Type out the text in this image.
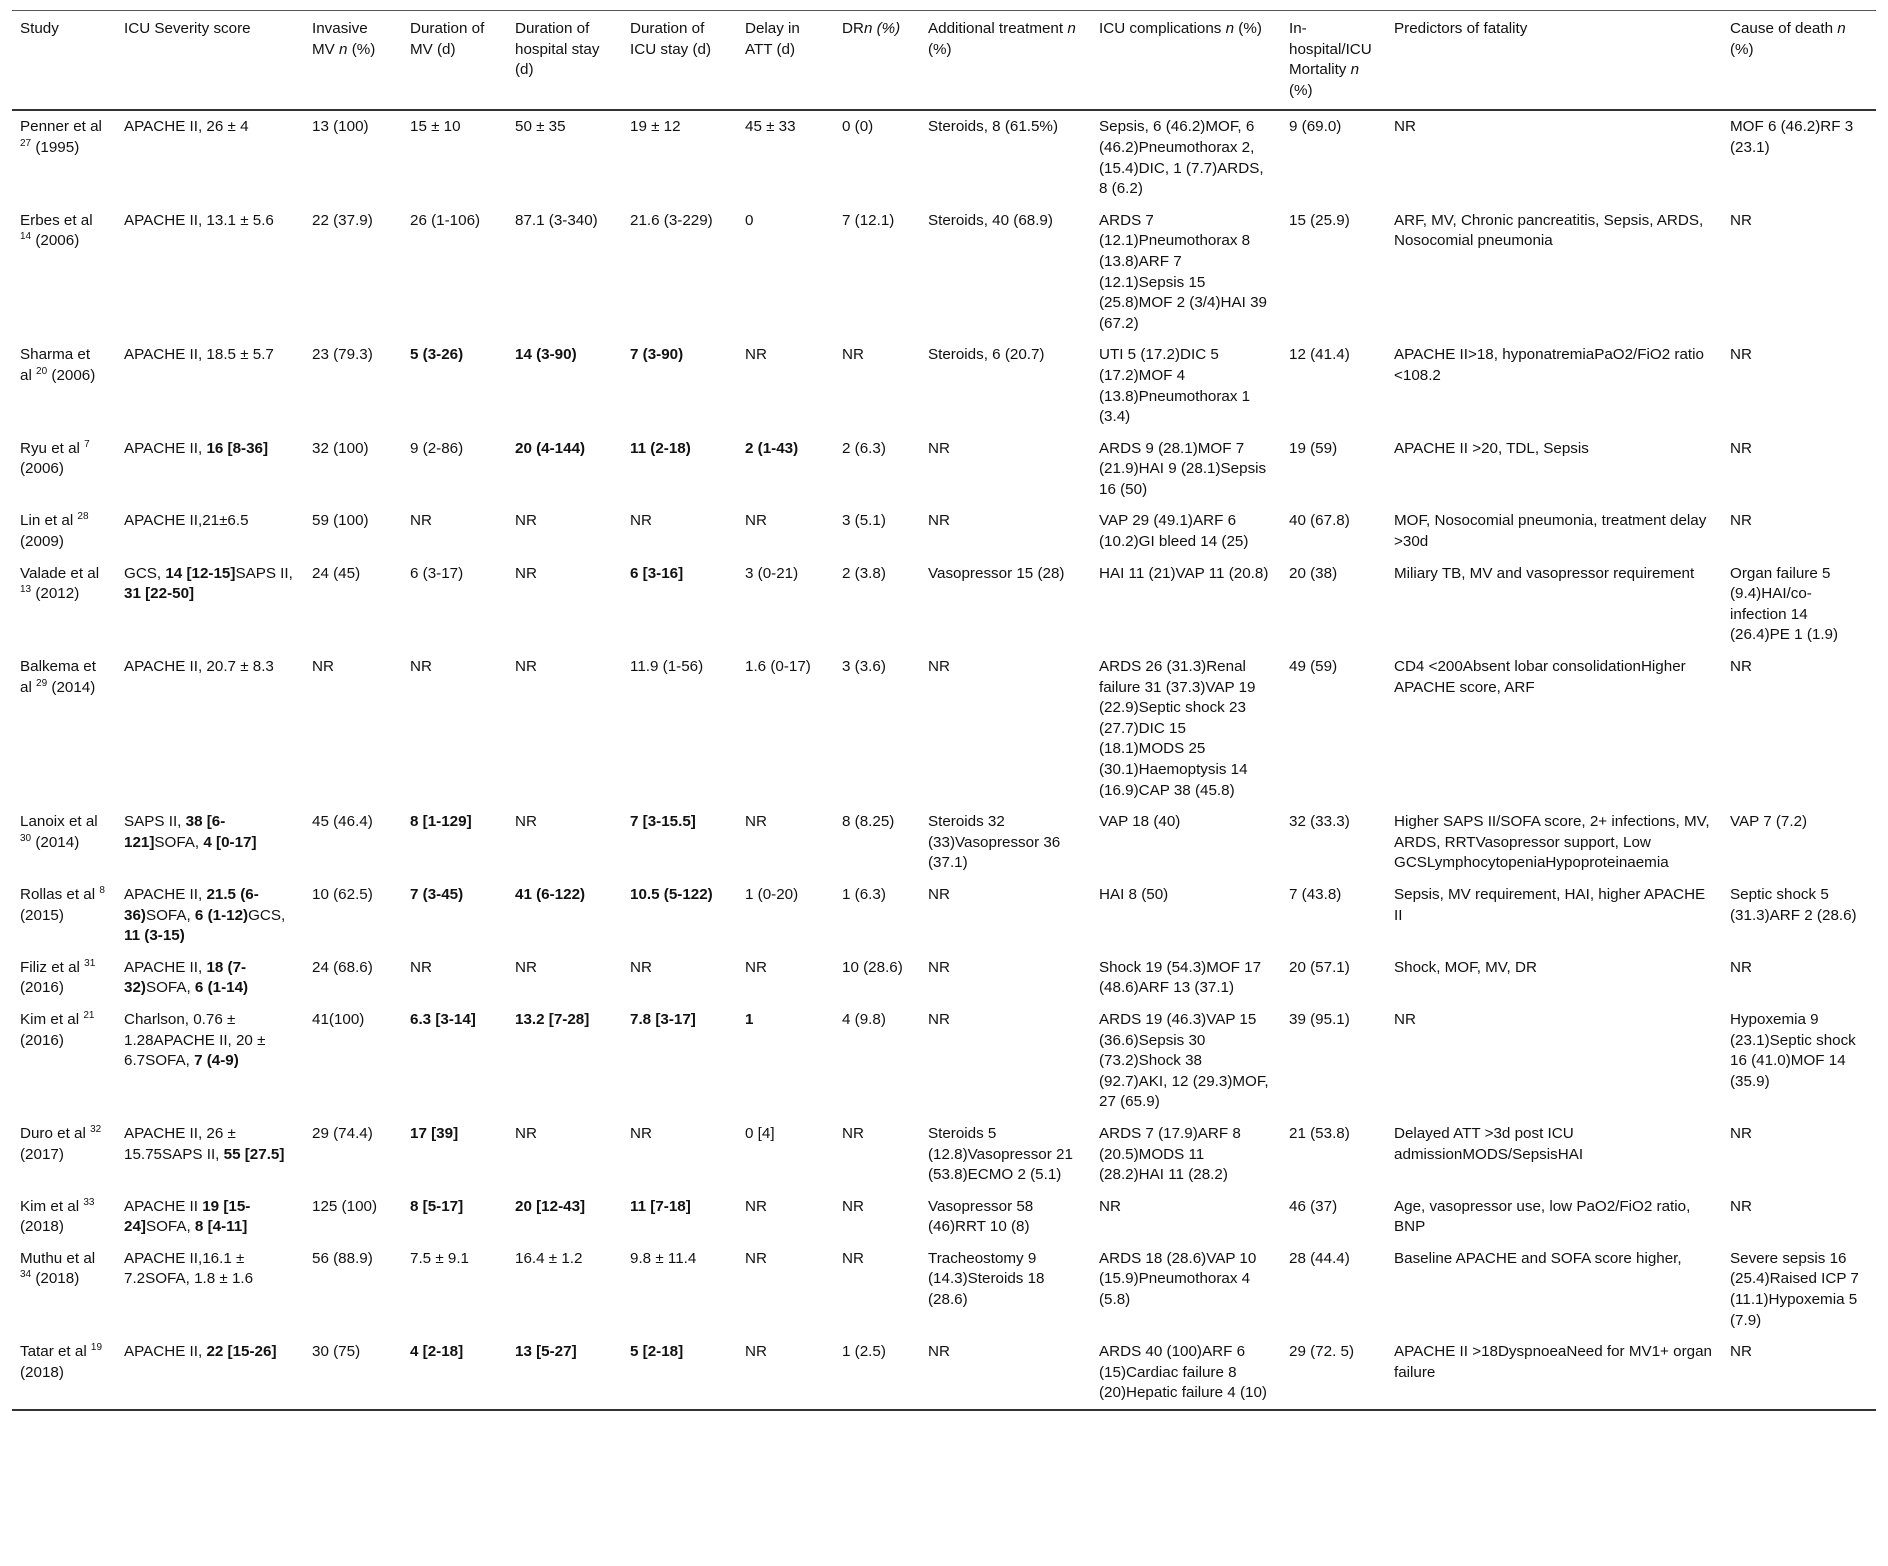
Study	ICU Severity score	Invasive MV n (%)	Duration of MV (d)	Duration of hospital stay (d)	Duration of ICU stay (d)	Delay in ATT (d)	DRn (%)	Additional treatment n (%)	ICU complications n (%)	In-hospital/ICU Mortality n (%)	Predictors of fatality	Cause of death n (%)
Penner et al $^{27}$ (1995)	APACHE II, 26 ± 4	13 (100)	15 ± 10	50 ± 35	19 ± 12	45 ± 33	0 (0)	Steroids, 8 (61.5%)	Sepsis, 6 (46.2)MOF, 6 (46.2)Pneumothorax 2, (15.4)DIC, 1 (7.7)ARDS, 8 (6.2)	9 (69.0)	NR	MOF 6 (46.2)RF 3 (23.1)
Erbes et al $^{14}$ (2006)	APACHE II, 13.1 ± 5.6	22 (37.9)	26 (1-106)	87.1 (3-340)	21.6 (3-229)	0	7 (12.1)	Steroids, 40 (68.9)	ARDS 7 (12.1)Pneumothorax 8 (13.8)ARF 7 (12.1)Sepsis 15 (25.8)MOF 2 (3/4)HAI 39 (67.2)	15 (25.9)	ARF, MV, Chronic pancreatitis, Sepsis, ARDS, Nosocomial pneumonia	NR
Sharma et al $^{20}$ (2006)	APACHE II, 18.5 ± 5.7	23 (79.3)	5 (3-26)	14 (3-90)	7 (3-90)	NR	NR	Steroids, 6 (20.7)	UTI 5 (17.2)DIC 5 (17.2)MOF 4 (13.8)Pneumothorax 1 (3.4)	12 (41.4)	APACHE II>18, hyponatremiaPaO2/FiO2 ratio <108.2	NR
Ryu et al $^7$ (2006)	APACHE II, 16 [8-36]	32 (100)	9 (2-86)	20 (4-144)	11 (2-18)	2 (1-43)	2 (6.3)	NR	ARDS 9 (28.1)MOF 7 (21.9)HAI 9 (28.1)Sepsis 16 (50)	19 (59)	APACHE II >20, TDL, Sepsis	NR
Lin et al $^{28}$ (2009)	APACHE II,21±6.5	59 (100)	NR	NR	NR	NR	3 (5.1)	NR	VAP 29 (49.1)ARF 6 (10.2)GI bleed 14 (25)	40 (67.8)	MOF, Nosocomial pneumonia, treatment delay >30d	NR
Valade et al $^{13}$ (2012)	GCS, 14 [12-15]SAPS II, 31 [22-50]	24 (45)	6 (3-17)	NR	6 [3-16]	3 (0-21)	2 (3.8)	Vasopressor 15 (28)	HAI 11 (21)VAP 11 (20.8)	20 (38)	Miliary TB, MV and vasopressor requirement	Organ failure 5 (9.4)HAI/co-infection 14 (26.4)PE 1 (1.9)
Balkema et al $^{29}$ (2014)	APACHE II, 20.7 ± 8.3	NR	NR	NR	11.9 (1-56)	1.6 (0-17)	3 (3.6)	NR	ARDS 26 (31.3)Renal failure 31 (37.3)VAP 19 (22.9)Septic shock 23 (27.7)DIC 15 (18.1)MODS 25 (30.1)Haemoptysis 14 (16.9)CAP 38 (45.8)	49 (59)	CD4 <200Absent lobar consolidationHigher APACHE score, ARF	NR
Lanoix et al $^{30}$ (2014)	SAPS II, 38 [6-121]SOFA, 4 [0-17]	45 (46.4)	8 [1-129]	NR	7 [3-15.5]	NR	8 (8.25)	Steroids 32 (33)Vasopressor 36 (37.1)	VAP 18 (40)	32 (33.3)	Higher SAPS II/SOFA score, 2+ infections, MV, ARDS, RRTVasopressor support, Low GCSLymphocytopeniaHypoproteinaemia	VAP 7 (7.2)
Rollas et al $^8$ (2015)	APACHE II, 21.5 (6-36)SOFA, 6 (1-12)GCS, 11 (3-15)	10 (62.5)	7 (3-45)	41 (6-122)	10.5 (5-122)	1 (0-20)	1 (6.3)	NR	HAI 8 (50)	7 (43.8)	Sepsis, MV requirement, HAI, higher APACHE II	Septic shock 5 (31.3)ARF 2 (28.6)
Filiz et al $^{31}$ (2016)	APACHE II, 18 (7-32)SOFA, 6 (1-14)	24 (68.6)	NR	NR	NR	NR	10 (28.6)	NR	Shock 19 (54.3)MOF 17 (48.6)ARF 13 (37.1)	20 (57.1)	Shock, MOF, MV, DR	NR
Kim et al $^{21}$ (2016)	Charlson, 0.76 ± 1.28APACHE II, 20 ± 6.7SOFA, 7 (4-9)	41(100)	6.3 [3-14]	13.2 [7-28]	7.8 [3-17]	1	4 (9.8)	NR	ARDS 19 (46.3)VAP 15 (36.6)Sepsis 30 (73.2)Shock 38 (92.7)AKI, 12 (29.3)MOF, 27 (65.9)	39 (95.1)	NR	Hypoxemia 9 (23.1)Septic shock 16 (41.0)MOF 14 (35.9)
Duro et al $^{32}$ (2017)	APACHE II, 26 ± 15.75SAPS II, 55 [27.5]	29 (74.4)	17 [39]	NR	NR	0 [4]	NR	Steroids 5 (12.8)Vasopressor 21 (53.8)ECMO 2 (5.1)	ARDS 7 (17.9)ARF 8 (20.5)MODS 11 (28.2)HAI 11 (28.2)	21 (53.8)	Delayed ATT >3d post ICU admissionMODS/SepsisHAI	NR
Kim et al $^{33}$ (2018)	APACHE II 19 [15-24]SOFA, 8 [4-11]	125 (100)	8 [5-17]	20 [12-43]	11 [7-18]	NR	NR	Vasopressor 58 (46)RRT 10 (8)	NR	46 (37)	Age, vasopressor use, low PaO2/FiO2 ratio, BNP	NR
Muthu et al $^{34}$ (2018)	APACHE II,16.1 ± 7.2SOFA, 1.8 ± 1.6	56 (88.9)	7.5 ± 9.1	16.4 ± 1.2	9.8 ± 11.4	NR	NR	Tracheostomy 9 (14.3)Steroids 18 (28.6)	ARDS 18 (28.6)VAP 10 (15.9)Pneumothorax 4 (5.8)	28 (44.4)	Baseline APACHE and SOFA score higher,	Severe sepsis 16 (25.4)Raised ICP 7 (11.1)Hypoxemia 5 (7.9)
Tatar et al $^{19}$ (2018)	APACHE II, 22 [15-26]	30 (75)	4 [2-18]	13 [5-27]	5 [2-18]	NR	1 (2.5)	NR	ARDS 40 (100)ARF 6 (15)Cardiac failure 8 (20)Hepatic failure 4 (10)	29 (72. 5)	APACHE II >18DyspnoeaNeed for MV1+ organ failure	NR
